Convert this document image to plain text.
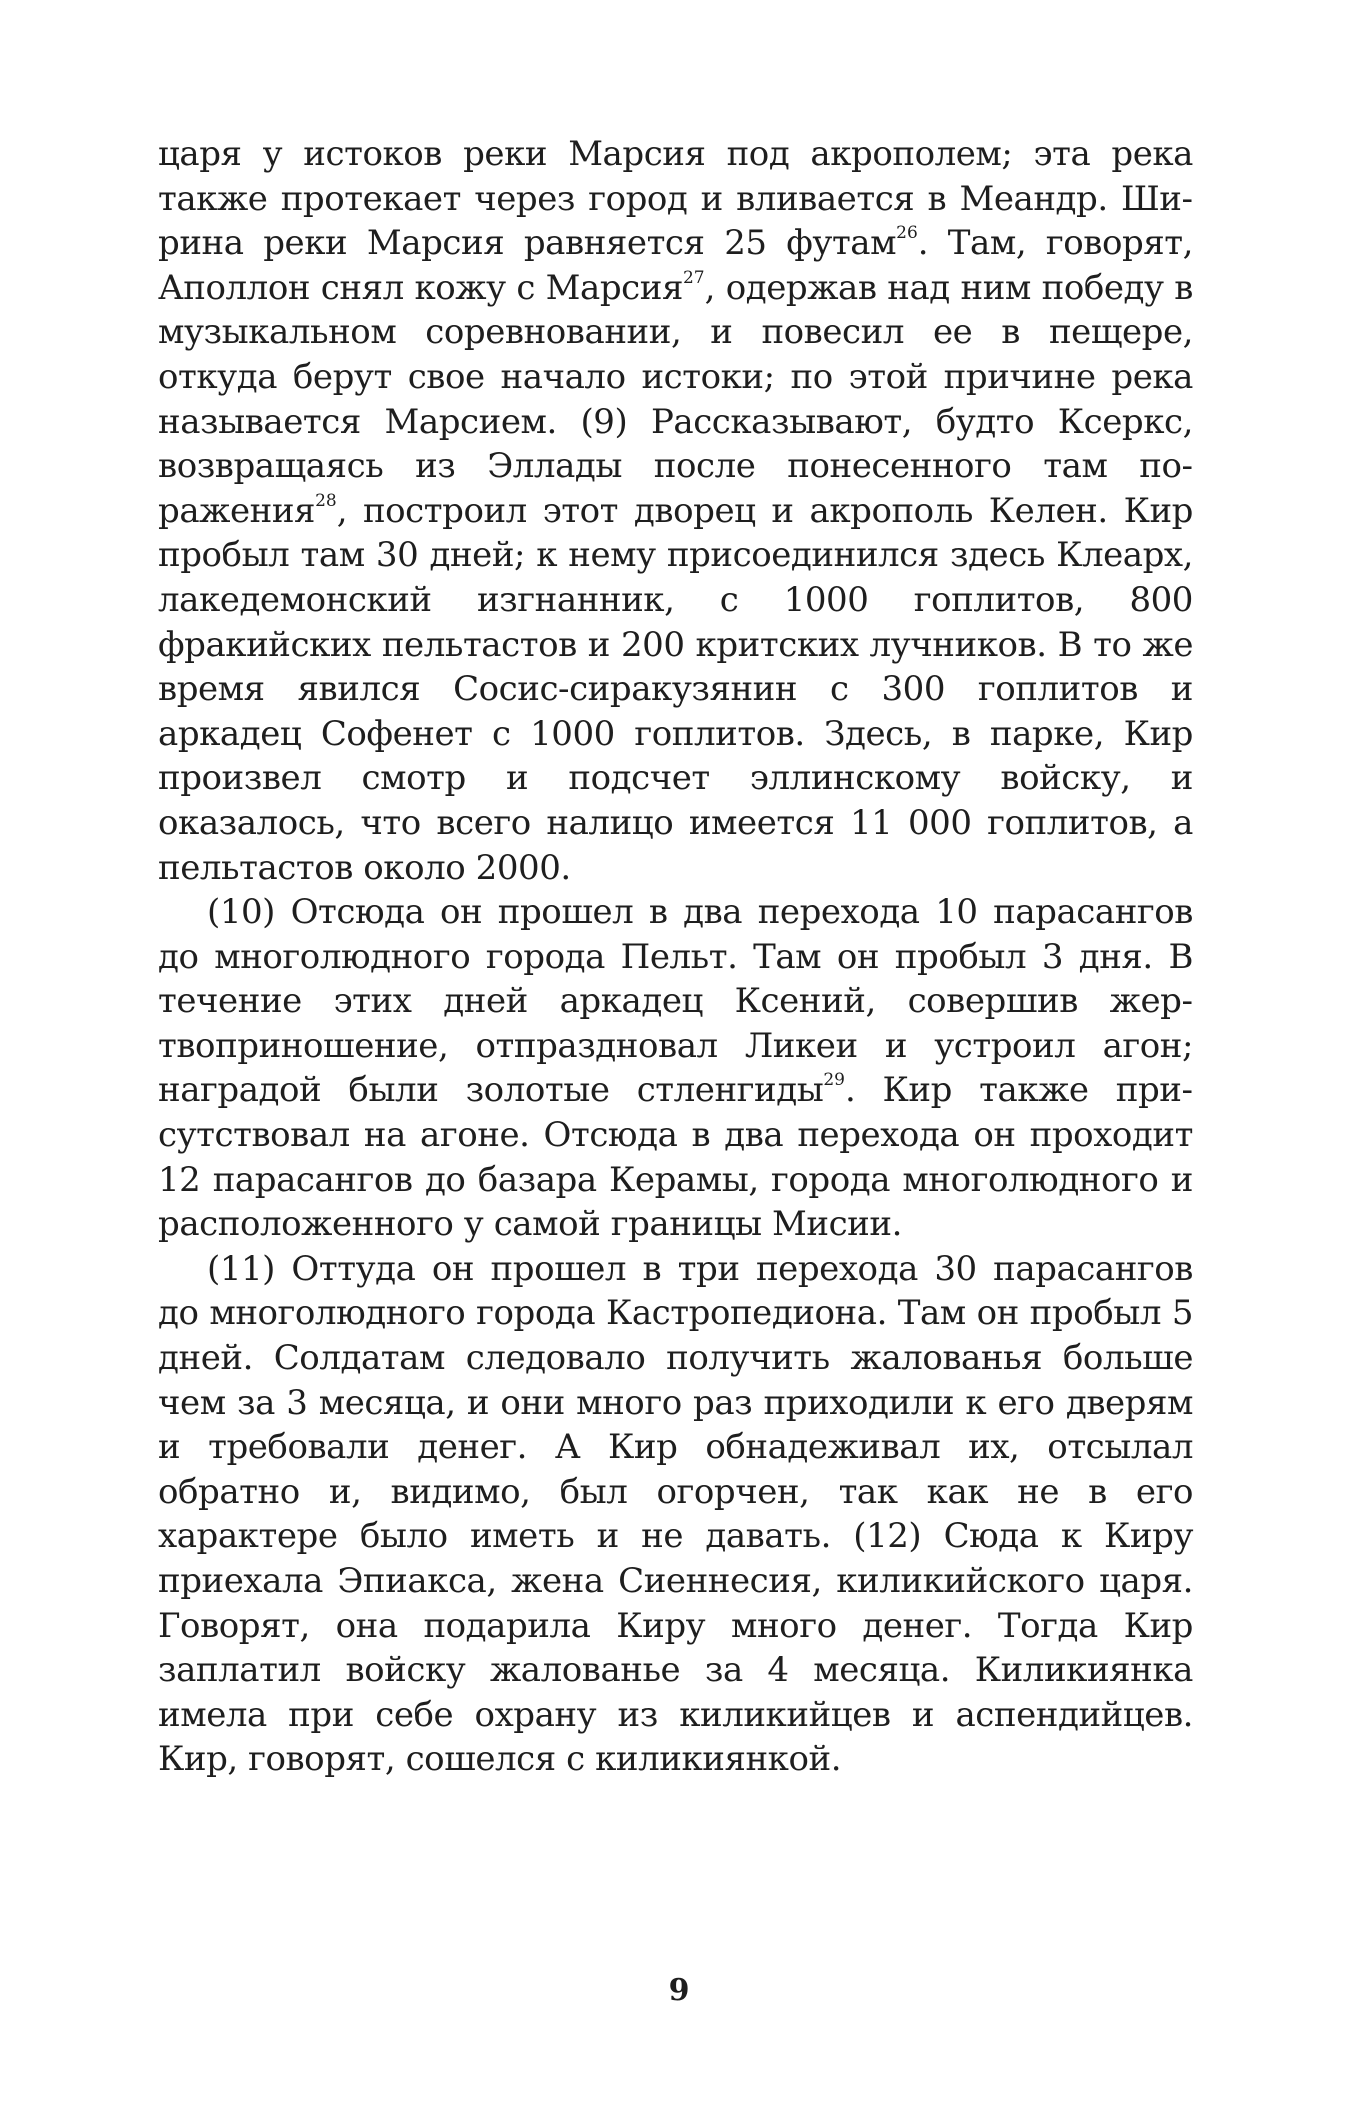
царя у истоков реки Марсия под акрополем; эта река также протекает через город и вливается в Меандр. Ширина реки Марсия равняется 25 футам$^{26}$. Там, говорят, Аполлон снял кожу с Марсия$^{27}$, одержав над ним победу в музыкальном соревновании, и повесил ее в пещере, откуда берут свое начало истоки; по этой причине река называется Марсием. (9) Рассказывают, будто Ксеркс, возвращаясь из Эллады после понесенного там поражения$^{28}$, построил этот дворец и акрополь Келен. Кир пробыл там 30 дней; к нему присоединился здесь Клеарх, лакедемонский изгнанник, с 1000 гоплитов, 800 фракийских пельтастов и 200 критских лучников. В то же время явился Сосис-сиракузянин с 300 гоплитов и аркадец Софенет с 1000 гоплитов. Здесь, в парке, Кир произвел смотр и подсчет эллинскому войску, и оказалось, что всего налицо имеется 11 000 гоплитов, а пельтастов около 2000.

(10) Отсюда он прошел в два перехода 10 парасангов до многолюдного города Пельт. Там он пробыл 3 дня. В течение этих дней аркадец Ксений, совершив жертвоприношение, отпраздновал Ликеи и устроил агон; наградой были золотые стленгиды$^{29}$. Кир также присутствовал на агоне. Отсюда в два перехода он проходит 12 парасангов до базара Керамы, города многолюдного и расположенного у самой границы Мисии.

(11) Оттуда он прошел в три перехода 30 парасангов до многолюдного города Кастропедиона. Там он пробыл 5 дней. Солдатам следовало получить жалованья больше чем за 3 месяца, и они много раз приходили к его дверям и требовали денег. А Кир обнадеживал их, отсылал обратно и, видимо, был огорчен, так как не в его характере было иметь и не давать. (12) Сюда к Киру приехала Эпиакса, жена Сиеннесия, киликийского царя. Говорят, она подарила Киру много денег. Тогда Кир заплатил войску жалованье за 4 месяца. Киликиянка имела при себе охрану из киликийцев и аспендийцев. Кир, говорят, сошелся с киликиянкой.

9
